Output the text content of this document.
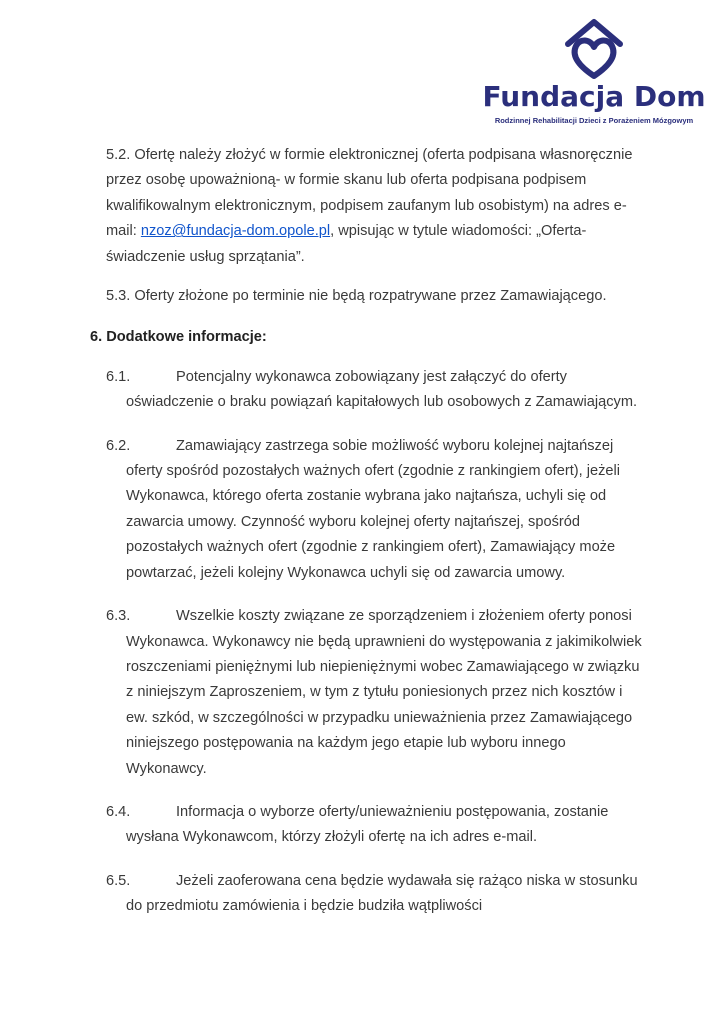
Fundacja Dom
Rodzinnej Rehabilitacji Dzieci z Porażeniem Mózgowym

5.2. Ofertę należy złożyć w formie elektronicznej (oferta podpisana własnoręcznie przez osobę upoważnioną- w formie skanu lub oferta podpisana podpisem kwalifikowalnym elektronicznym, podpisem zaufanym lub osobistym) na adres e-mail: nzoz@fundacja-dom.opole.pl, wpisując w tytule wiadomości: „Oferta-świadczenie usług sprzątania”.

5.3. Oferty złożone po terminie nie będą rozpatrywane przez Zamawiającego.

6. Dodatkowe informacje:

6.1.	Potencjalny wykonawca zobowiązany jest załączyć do oferty oświadczenie o braku powiązań kapitałowych lub osobowych z Zamawiającym.

6.2.	Zamawiający zastrzega sobie możliwość wyboru kolejnej najtańszej oferty spośród pozostałych ważnych ofert (zgodnie z rankingiem ofert), jeżeli Wykonawca, którego oferta zostanie wybrana jako najtańsza, uchyli się od zawarcia umowy. Czynność wyboru kolejnej oferty najtańszej, spośród pozostałych ważnych ofert (zgodnie z rankingiem ofert), Zamawiający może powtarzać, jeżeli kolejny Wykonawca uchyli się od zawarcia umowy.

6.3.	Wszelkie koszty związane ze sporządzeniem i złożeniem oferty ponosi Wykonawca. Wykonawcy nie będą uprawnieni do występowania z jakimikolwiek roszczeniami pieniężnymi lub niepieniężnymi wobec Zamawiającego w związku z niniejszym Zaproszeniem, w tym z tytułu poniesionych przez nich kosztów i ew. szkód, w szczególności w przypadku unieważnienia przez Zamawiającego niniejszego postępowania na każdym jego etapie lub wyboru innego Wykonawcy.

6.4.	Informacja o wyborze oferty/unieważnieniu postępowania, zostanie wysłana Wykonawcom, którzy złożyli ofertę na ich adres e-mail.

6.5.	Jeżeli zaoferowana cena będzie wydawała się rażąco niska w stosunku do przedmiotu zamówienia i będzie budziła wątpliwości
